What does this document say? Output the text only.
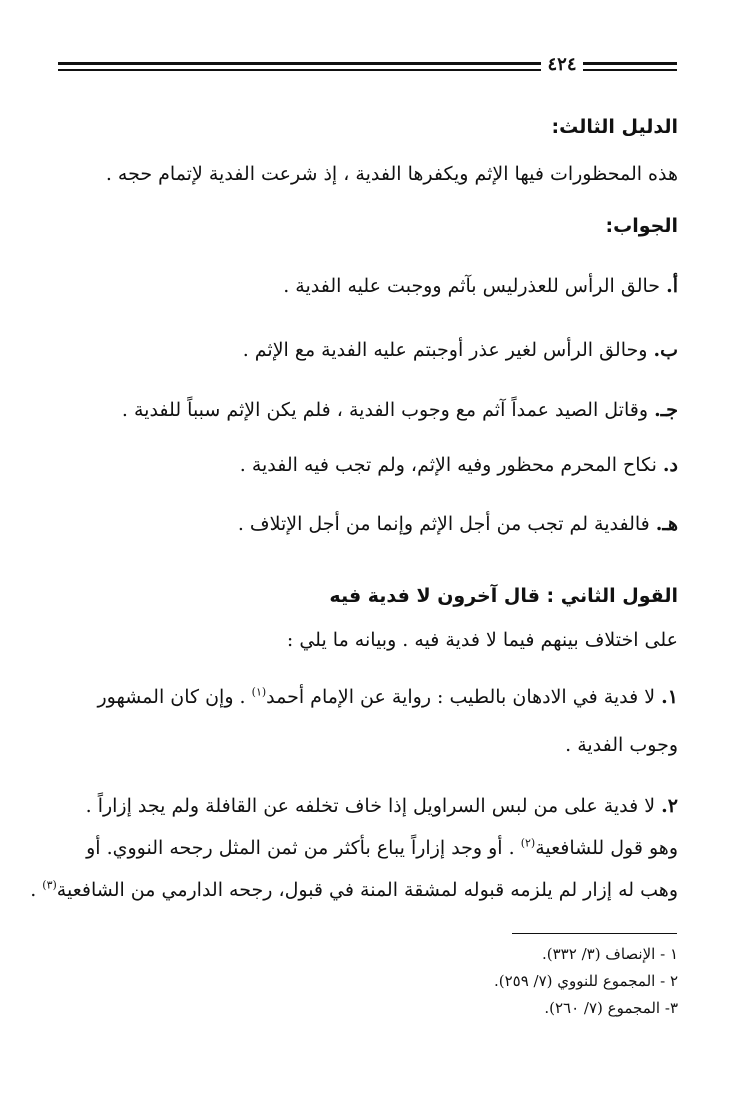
٤٢٤
الدليل الثالث:
هذه المحظورات فيها الإثم ويكفرها الفدية ، إذ شرعت الفدية لإتمام حجه .
الجواب:
أ. حالق الرأس للعذرليس بآثم ووجبت عليه الفدية .
ب. وحالق الرأس لغير عذر أوجبتم عليه الفدية مع الإثم .
جـ. وقاتل الصيد عمداً آثم مع وجوب الفدية ، فلم يكن الإثم سبباً للفدية .
د. نكاح المحرم محظور وفيه الإثم، ولم تجب فيه الفدية .
هـ. فالفدية لم تجب من أجل الإثم وإنما من أجل الإتلاف .
القول الثاني : قال آخرون لا فدية فيه
على اختلاف بينهم فيما لا فدية فيه . وبيانه ما يلي :
١. لا فدية في الادهان بالطيب : رواية عن الإمام أحمد$^{(١)}$ . وإن كان المشهور
وجوب الفدية .
٢. لا فدية على من لبس السراويل إذا خاف تخلفه عن القافلة ولم يجد إزاراً .
وهو قول للشافعية$^{(٢)}$ . أو وجد إزاراً يباع بأكثر من ثمن المثل رجحه النووي. أو
وهب له إزار لم يلزمه قبوله لمشقة المنة في قبول، رجحه الدارمي من الشافعية$^{(٣)}$ .
١ - الإنصاف (٣/ ٣٣٢).
٢ - المجموع للنووي (٧/ ٢٥٩).
٣- المجموع (٧/ ٢٦٠).
